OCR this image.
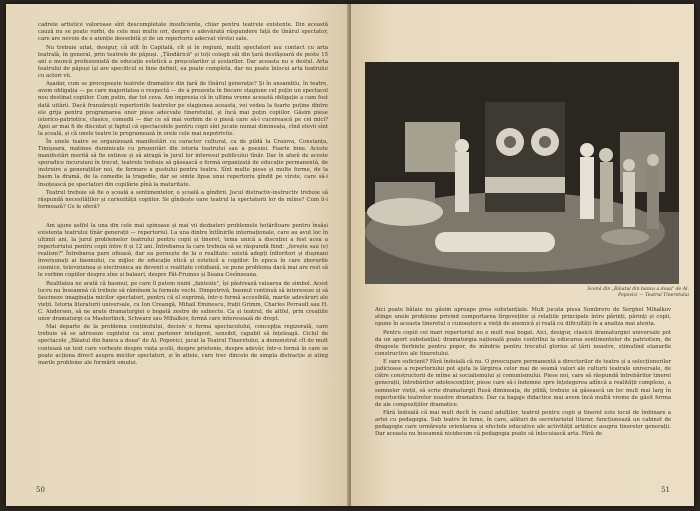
cadrele artistice valoroase sînt descompletate insuficiente, chiar pentru teatrele existente. Din această cauză nu se poate vorbi, de cele mai multe ori, despre o adevărată răspundere față de tînărul spectator, care are nevoie de o atenție deosebită și de un repertoriu adecvat vîrstei sale.

Nu trebuie uitat, desigur, că atît în Capitală, cît și în regiuni, mulți spectatori iau contact cu arta teatrală, în general, prin teatrele de păpuși. „Țăndărică" și toți colegii săi din țară desfășoară de peste 15 ani o muncă profesionistă de educație estetică a preșcolarilor și școlarilor. Dar aceasta nu e destul. Arta teatrului de păpuși își are specificul ei bine definit, ea poate completa, dar nu poate înlocui arta teatrului cu actori vii.

Așadar, cum se procopsește teatrele dramatice din țară de tînărul generație? Și în ansamblu, în teatre, avem obligația — pe care majoritatea o respectă — de a prezenta în fiecare stagiune cel puțin un spectacol nou destinat copiilor. Cum putin, dar tot ceva. Am impresia că în ultima vreme această obligație a cam fost dată uitării. Dacă frunzărești repertoriile teatrelor pe stagiunea aceasta, vei vedea la foarte puține dintre ele grija pentru programarea unor piese adecvate tineretului, și încă mai puțin copiilor. Găsim piese istorico-patriotice, clasice, comedii — dar ce să mai vorbim de o piesă care să-i cucerească pe cei mici? Apoi ar mai fi de discutat și faptul că spectacolele pentru copii sînt jucate numai dimineața, cînd elevii sînt la școală, și că unele teatre le programează în orele cele mai nepotrivite.

În unele teatre se organizează manifestări cu caracter cultural, ca de pildă la Craiova, Constanța, Timișoara, matinee duminicale cu prezentări din istoria teatrului sau a poeziei. Foarte bine. Aceste manifestări merită să fie extinse și să atragă în jurul lor interesul publicului tînăr. Dar în afară de aceste sporadice incursiuni în trecut, teatrele trebuie să găsească o formă organizată de educație permanentă, de instruire a generațiilor noi, de formare a gustului pentru teatru. Sînt multe piese și multe forme, de la basm la dramă, de la comedie la tragedie, dar se simte lipsa unui repertoriu gîndit pe vîrste, care să-i însoțească pe spectatori din copilărie pînă la maturitate.

Teatrul trebuie să fie o școală a sentimentelor, o școală a gîndirii. Jocul distractiv-instructiv trebuie să răspundă necesităților și curiozității copiilor. Se gîndește oare teatrul la spectatorii lor de mîine? Cum îi-i formează? Ce le oferă?

Am ajuns astfel la una din cele mai spinoase și mai vii dezbateri problemele hotărîtoare pentru însăși existența teatrului tînăr generații — repertoriul. La una dintre întîlnirile internaționale, care au avut loc în ultimii ani, la jurul problemelor teatrului pentru copii și tineret, tema unică a discuției a fost acea a repertoriului pentru copii între 6 și 12 ani. Întrebarea la care trebuia să se răspundă fiind: „ferește sau (e) realism?" Întrebarea pare ofioasă, dar ea pornește de la o realitate: există adepți înfloritori și dușmani înverșunați ai basmului, ca mijloc de educație etică și estetică a copiilor. În epoca în care zborurile cosmice, televiziunea și electronica au devenit o realitate cotidiană, se pune problema dacă mai are rost să le vorbim copiilor despre zîne și balauri, despre Făt-Frumos și Ileana Cosînzeana.

Realitatea ne arată că basmul, pe care îl putem numi „fantezie", își păstrează valoarea de simbol. Acest lucru nu înseamnă că trebuie să rămînem la formele vechi. Dimpotrivă, basmul continuă să intereseze și să fascineze imaginația micilor spectatori, pentru că el exprimă, într-o formă accesibilă, marile adevăruri ale vieții. Istoria literaturii universale, cu Ion Creangă, Mihail Eminescu, frații Grimm, Charles Perrault sau H. C. Andersen, să ne arate dramaturgiei o bogată zestre de subiecte. Ca și teatrul, de altfel, prin creațiile unor dramaturgi ca Maeterlinck, Schwarz sau Mihalkov, formă care interesează de drept.

Mai departe de la problema conținutului, decisiv e forma spectacolului, concepția regizorală, care trebuie să se adreseze copilului ca unui partener inteligent, sensibil, capabil să înțeleagă. Ciclul de spectacole „Băiatul din banca a doua" de Al. Popovici, jucat la Teatrul Tineretului, a demonstrat cît de mult contează un text care vorbește despre viața școlii, despre prietenie, despre adevăr, într-o formă în care se poate acționa direct asupra micilor spectatori, și în altele, care trec dincolo de simpla distracție și ating marile probleme ale formării omului.

50
Scenă din „Băiatul din banca a doua" de Al. Popovici — Teatrul Tineretului

Aici poate bătaie nu găsim aproape prea substanțiale. Mult jucata piesa Sombrero de Serghei Mihalkov atinge unele probleme privind comportarea tîrgoveților și relațiile principale între părinți, părinți și copii, opune în aceasta tineretul o cunoaștere a vieții de anemică și reală cu dificultăți în a analiza mai atenta.

Pentru copiii cei mari repertoriul nu e mult mai bogat. Aici, desigur, clasicii dramaturgiei universale pot da un aport substanțial; dramaturgia națională poate contribui la educarea sentimentelor de patriotism, de dragoste fierbinte pentru popor, de mîndrie pentru trecutul glorios al țării noastre, stimulînd elanurile constructive ale tineretului.

E oare suficient? Fără îndoială că nu. O preocupare permanentă a directorilor de teatre și a selecționerilor judicioase a repertoriului pot ajuta la lărgirea celor mai de seamă valori ale culturii teatrale universale, de către constructorii de mîine ai socialismului și comunismului. Piese noi, care să răspundă întrebărilor tinerei generații, întrebărilor adolescenților, piese care să-i îndemne spre înțelegerea adîncă a realității complexe, a semnelor vieții, să scrie dramaturgii Rusă dimineața, de pildă, trebuie să găsească un loc mult mai larg în repertoriile teatrelor noastre dramatice. Dar ca bagaje didactice mai avem încă multă vreme de găsit forma de ale compozițiilor dramatice.

Fără îndoială că mai mult decît în cazul adulților, teatrul pentru copii și tineret este locul de îmbinare a artei cu pedagogia. Sub teatre în lume, în care, alături de secretariatul literar, funcționează un cabinet de pedagogie care urmărește orientarea și efectele educative ale activității artistice asupra tinerelor generații. Dar aceasta nu înseamnă nicidecum că pedagogia poate să înlocuiască arta. Fără de

51
